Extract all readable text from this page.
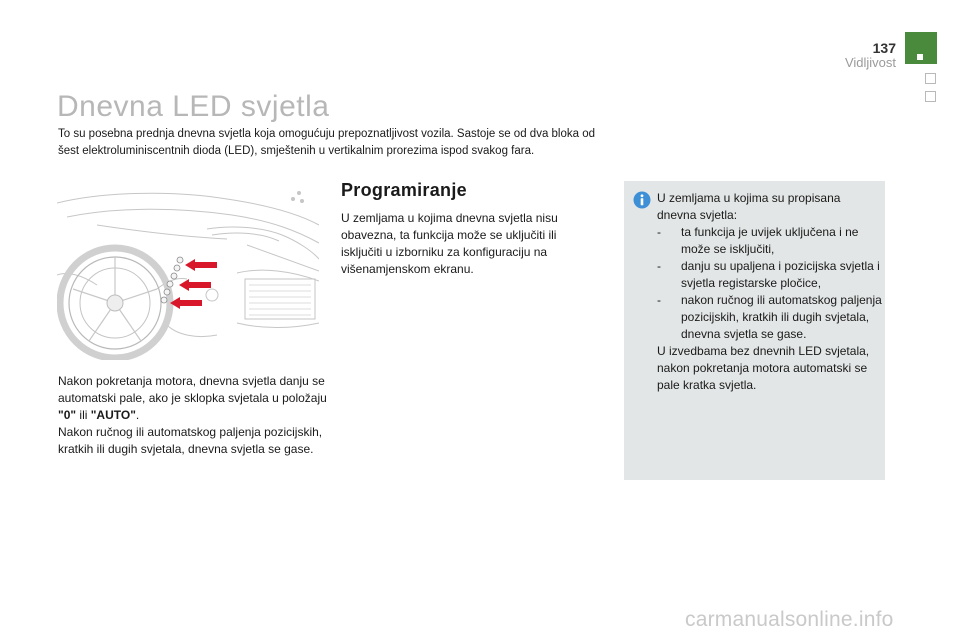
137
Vidljivost
Dnevna LED svjetla

To su posebna prednja dnevna svjetla koja omogućuju prepoznatljivost vozila. Sastoje se od dva bloka od šest elektroluminiscentnih dioda (LED), smještenih u vertikalnim prorezima ispod svakog fara.

Nakon pokretanja motora, dnevna svjetla danju se automatski pale, ako je sklopka svjetala u položaju "0" ili "AUTO".
Nakon ručnog ili automatskog paljenja pozicijskih, kratkih ili dugih svjetala, dnevna svjetla se gase.

Programiranje

U zemljama u kojima dnevna svjetla nisu obavezna, ta funkcija može se uključiti ili isključiti u izborniku za konfiguraciju na višenamjenskom ekranu.

U zemljama u kojima su propisana dnevna svjetla:

- ta funkcija je uvijek uključena i ne može se isključiti,
- danju su upaljena i pozicijska svjetla i svjetla registarske pločice,
- nakon ručnog ili automatskog paljenja pozicijskih, kratkih ili dugih svjetala, dnevna svjetla se gase.

U izvedbama bez dnevnih LED svjetala, nakon pokretanja motora automatski se pale kratka svjetla.

carmanualsonline.info
